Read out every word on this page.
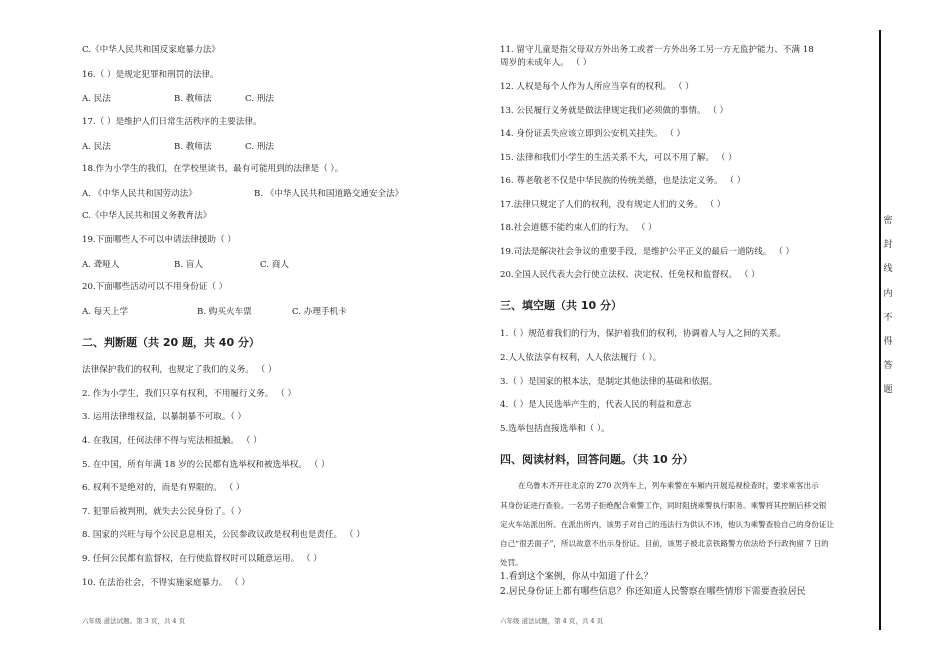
C.《中华人民共和国反家庭暴力法》
16.（ ）是规定犯罪和刑罚的法律。
A. 民法	B. 教师法	C. 刑法
17.（ ）是维护人们日常生活秩序的主要法律。
A. 民法	B. 教师法	C. 刑法
18.作为小学生的我们，在学校里读书，最有可能用到的法律是（ ）。
A. 《中华人民共和国劳动法》	B. 《中华人民共和国道路交通安全法》
C.《中华人民共和国义务教育法》
19.下面哪些人不可以申请法律援助（ ）
A. 聋哑人	B. 盲人	C. 商人
20.下面哪些活动可以不用身份证（ ）
A. 每天上学	B. 购买火车票	C. 办理手机卡
二、判断题（共 20 题，共 40 分）
法律保护我们的权利，也规定了我们的义务。 （ ）
2. 作为小学生，我们只享有权利，不用履行义务。 （ ）
3. 运用法律维权益，以暴制暴不可取。（ ）
4. 在我国，任何法律不得与宪法相抵触。 （ ）
5. 在中国，所有年满 18 岁的公民都有选举权和被选举权。 （ ）
6. 权利不是绝对的，而是有界限的。 （ ）
7. 犯罪后被判刑，就失去公民身份了。（ ）
8. 国家的兴旺与每个公民息息相关，公民参政议政是权利也是责任。 （ ）
9. 任何公民都有监督权，在行使监督权时可以随意运用。 （ ）
10. 在法治社会，不得实施家庭暴力。 （ ）
六年级 道法试题。第 3 页，共 4 页
11. 留守儿童是指父母双方外出务工或者一方外出务工另一方无监护能力、不满 18
周岁的未成年人。 （ ）
12. 人权是每个人作为人所应当享有的权利。 （ ）
13. 公民履行义务就是做法律规定我们必须做的事情。 （ ）
14. 身份证丢失应该立即到公安机关挂失。 （ ）
15. 法律和我们小学生的生活关系不大，可以不用了解。 （ ）
16. 尊老敬老不仅是中华民族的传统美德，也是法定义务。 （ ）
17.法律只规定了人们的权利，没有规定人们的义务。 （ ）
18.社会道德不能约束人们的行为。 （ ）
19.司法是解决社会争议的重要手段，是维护公平正义的最后一道防线。 （ ）
20.全国人民代表大会行使立法权、决定权、任免权和监督权。 （ ）
三、填空题（共 10 分）
1.（ ）规范着我们的行为，保护着我们的权利，协调着人与人之间的关系。
2.人人依法享有权利，人人依法履行（ ）。
3.（ ）是国家的根本法，是制定其他法律的基础和依据。
4.（ ）是人民选举产生的，代表人民的利益和意志
5.选举包括直接选举和（ ）。
四、阅读材料，回答问题。（共 10 分）
在乌鲁木齐开往北京的 Z70 次列车上，列车乘警在车厢内开展巡视检查时，要求乘客出示
其身份证进行查验。一名男子拒绝配合乘警工作，同时阻挠乘警执行职务。乘警将其控制后移交银
定火车站派出所。在派出所内，该男子对自己的违法行为供认不讳，他认为乘警查验自己的身份证让
自己“很丢面子”，所以故意不出示身份证。目前，该男子被北京铁路警方依法给予行政拘留 7 日的
处罚。
1.看到这个案例，你从中知道了什么？
2.居民身份证上都有哪些信息？你还知道人民警察在哪些情形下需要查验居民
六年级 道法试题，第 4 页，共 4 页
密
封
线
内
不
得
答
题
